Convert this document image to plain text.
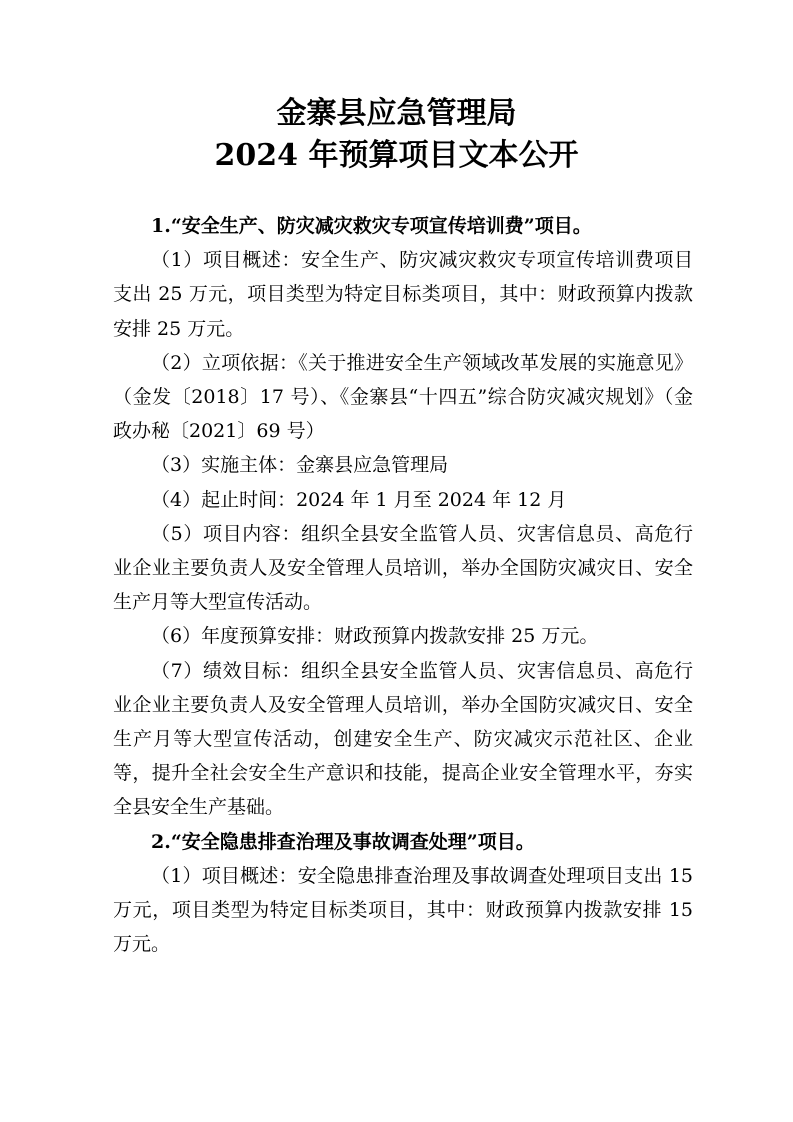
金寨县应急管理局
2024 年预算项目文本公开

1.“安全生产、防灾减灾救灾专项宣传培训费”项目。

（1）项目概述：安全生产、防灾减灾救灾专项宣传培训费项目支出 25 万元，项目类型为特定目标类项目，其中：财政预算内拨款安排 25 万元。

（2）立项依据：《关于推进安全生产领域改革发展的实施意见》（金发〔2018〕17 号）、《金寨县“十四五”综合防灾减灾规划》（金政办秘〔2021〕69 号）

（3）实施主体：金寨县应急管理局

（4）起止时间：2024 年 1 月至 2024 年 12 月

（5）项目内容：组织全县安全监管人员、灾害信息员、高危行业企业主要负责人及安全管理人员培训，举办全国防灾减灾日、安全生产月等大型宣传活动。

（6）年度预算安排：财政预算内拨款安排 25 万元。

（7）绩效目标：组织全县安全监管人员、灾害信息员、高危行业企业主要负责人及安全管理人员培训，举办全国防灾减灾日、安全生产月等大型宣传活动，创建安全生产、防灾减灾示范社区、企业等，提升全社会安全生产意识和技能，提高企业安全管理水平，夯实全县安全生产基础。

2.“安全隐患排查治理及事故调查处理”项目。

（1）项目概述：安全隐患排查治理及事故调查处理项目支出 15 万元，项目类型为特定目标类项目，其中：财政预算内拨款安排 15 万元。
